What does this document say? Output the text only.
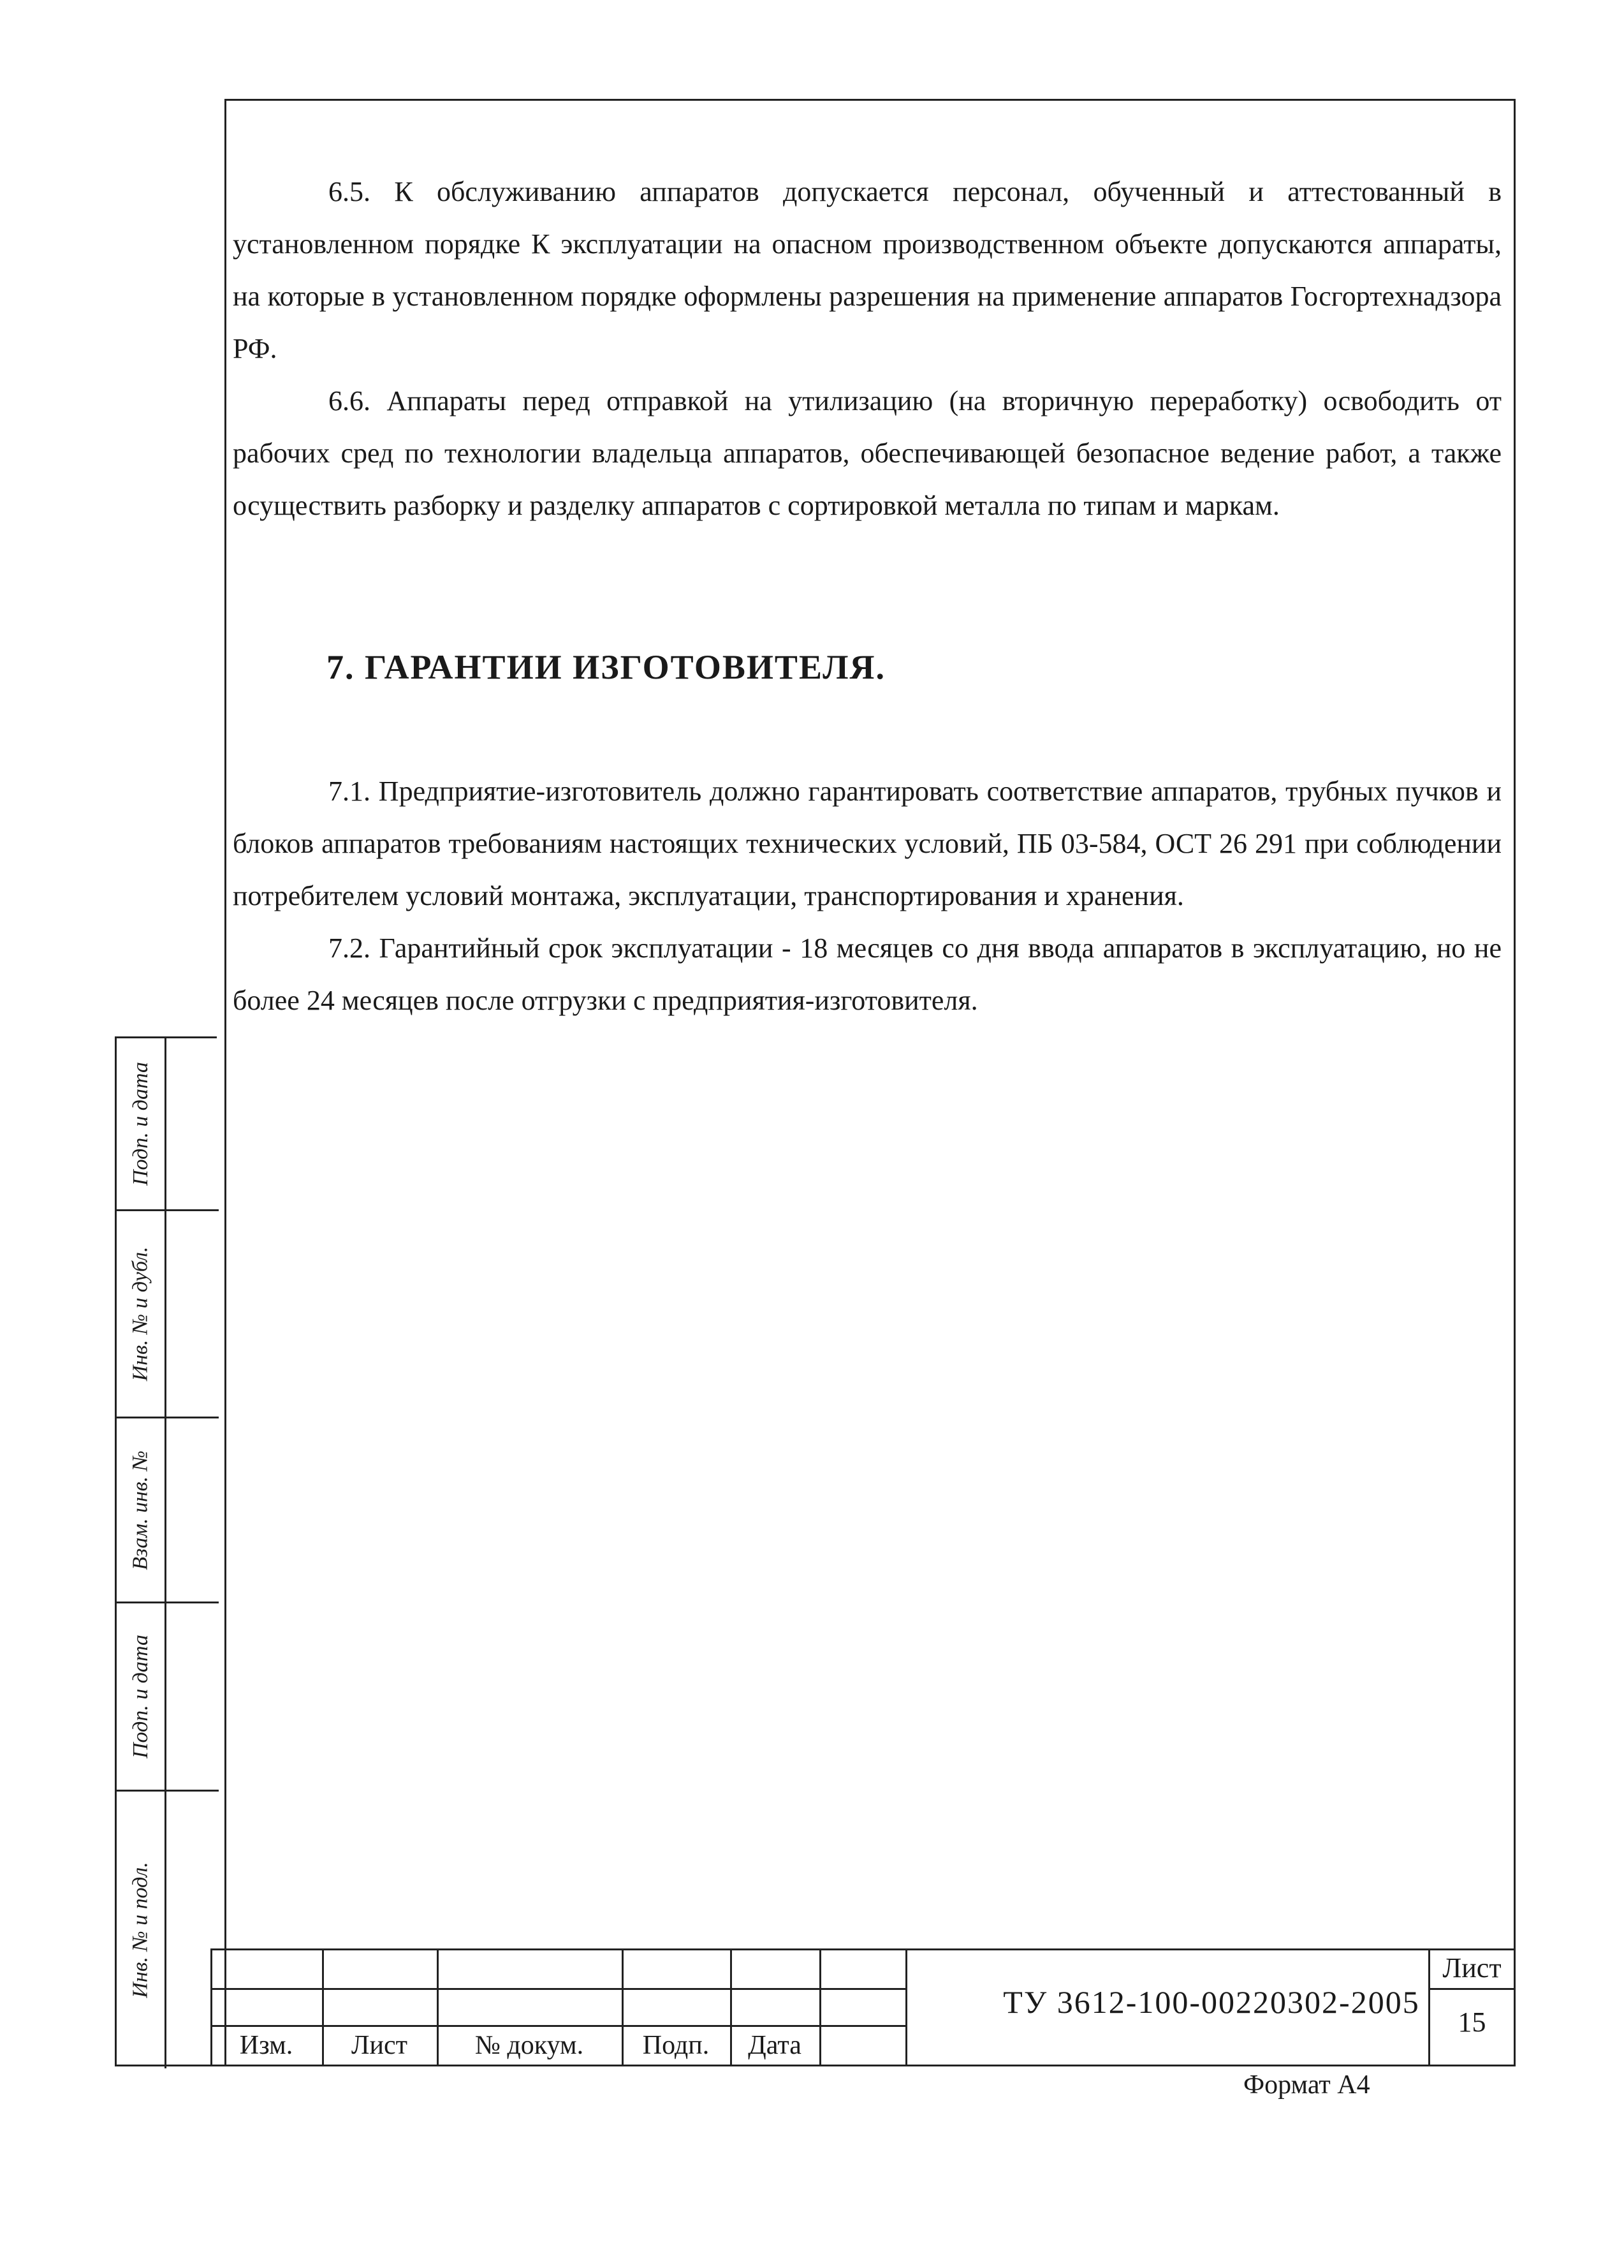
6.5. К обслуживанию аппаратов допускается персонал, обученный и аттестованный в установленном порядке К эксплуатации на опасном производственном объекте допускаются аппараты, на которые в установленном порядке оформлены разрешения на применение аппаратов Госгортехнадзора РФ.

6.6. Аппараты перед отправкой на утилизацию (на вторичную переработку) освободить от рабочих сред по технологии владельца аппаратов, обеспечивающей безопасное ведение работ, а также осуществить разборку и разделку аппаратов с сортировкой металла по типам и маркам.

7. ГАРАНТИИ ИЗГОТОВИТЕЛЯ.

7.1. Предприятие-изготовитель должно гарантировать соответствие аппаратов, трубных пучков и блоков аппаратов требованиям настоящих технических условий, ПБ 03-584, ОСТ 26 291 при соблюдении потребителем условий монтажа, эксплуатации, транспортирования и хранения.

7.2. Гарантийный срок эксплуатации - 18 месяцев со дня ввода аппаратов в эксплуатацию, но не более 24 месяцев после отгрузки с предприятия-изготовителя.

Подп. и дата
Инв. № и дубл.
Взам. инв. №
Подп. и дата
Инв. № и подл.
Изм.	Лист	№ докум.	Подп.	Дата
ТУ 3612-100-00220302-2005
Лист
15
Формат А4
